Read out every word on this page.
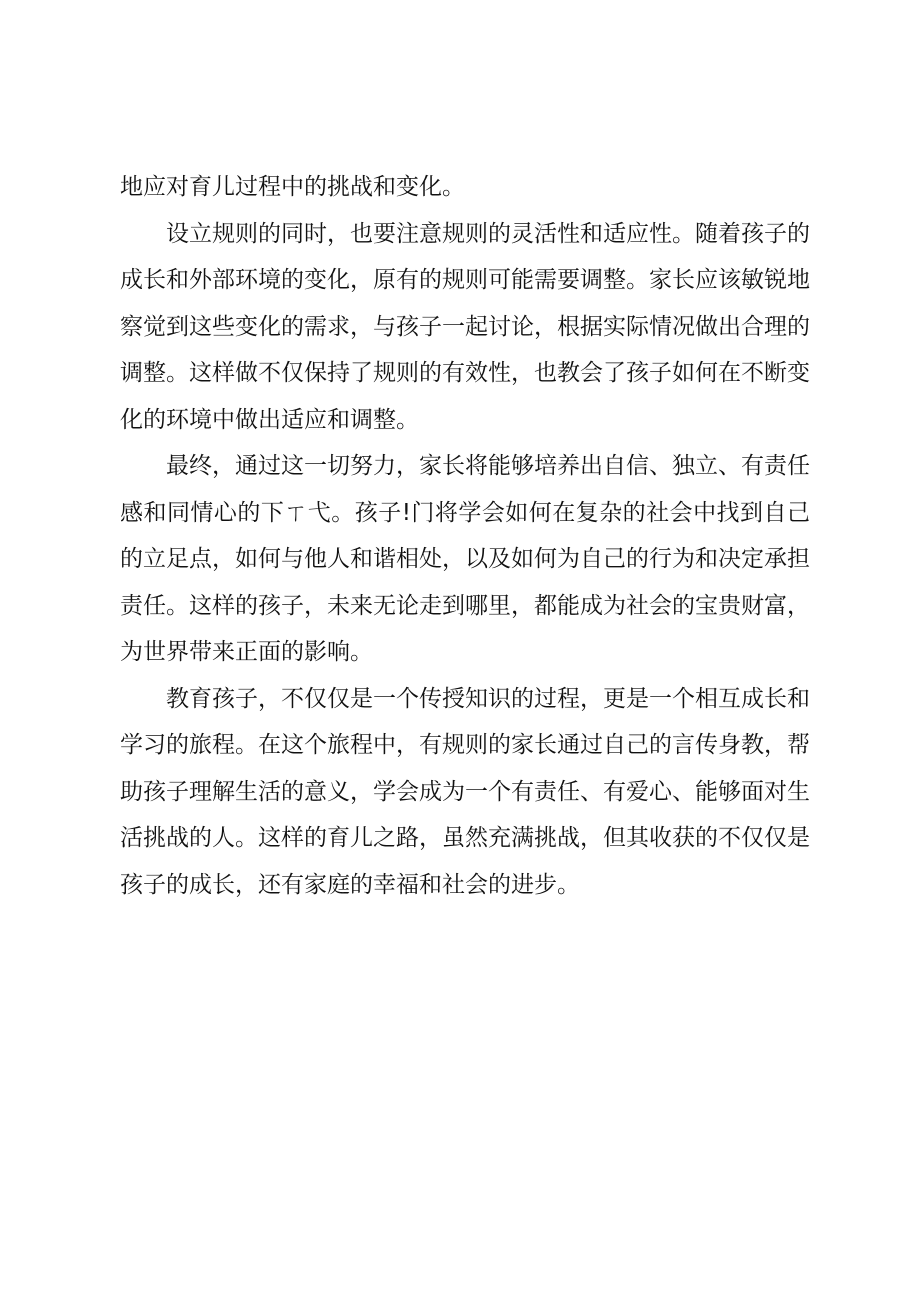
地应对育儿过程中的挑战和变化。
设立规则的同时，也要注意规则的灵活性和适应性。随着孩子的
成长和外部环境的变化，原有的规则可能需要调整。家长应该敏锐地
察觉到这些变化的需求，与孩子一起讨论，根据实际情况做出合理的
调整。这样做不仅保持了规则的有效性，也教会了孩子如何在不断变
化的环境中做出适应和调整。
最终，通过这一切努力，家长将能够培养出自信、独立、有责任
感和同情心的下ㄒ弋。孩子!门将学会如何在复杂的社会中找到自己
的立足点，如何与他人和谐相处，以及如何为自己的行为和决定承担
责任。这样的孩子，未来无论走到哪里，都能成为社会的宝贵财富，
为世界带来正面的影响。
教育孩子，不仅仅是一个传授知识的过程，更是一个相互成长和
学习的旅程。在这个旅程中，有规则的家长通过自己的言传身教，帮
助孩子理解生活的意义，学会成为一个有责任、有爱心、能够面对生
活挑战的人。这样的育儿之路，虽然充满挑战，但其收获的不仅仅是
孩子的成长，还有家庭的幸福和社会的进步。
